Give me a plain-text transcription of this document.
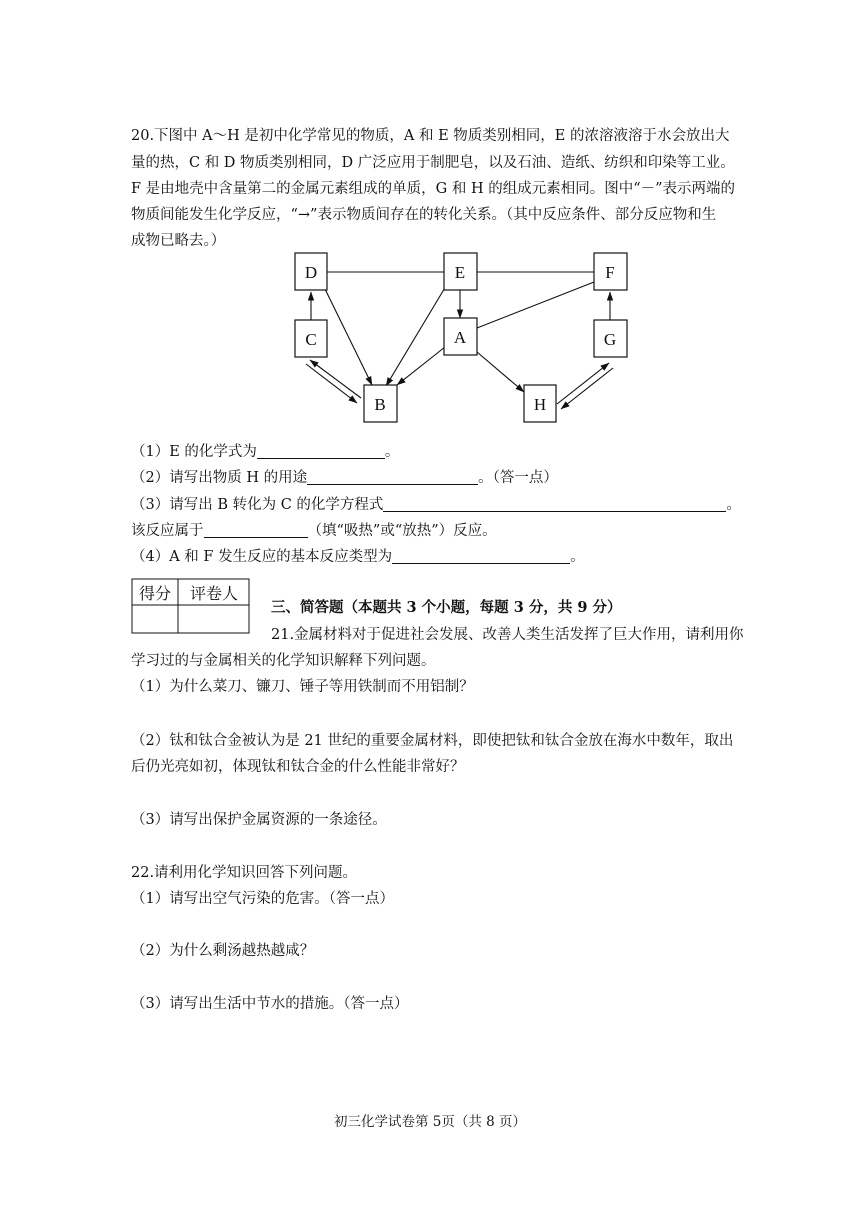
20.下图中 A～H 是初中化学常见的物质，A 和 E 物质类别相同，E 的浓溶液溶于水会放出大
量的热，C 和 D 物质类别相同，D 广泛应用于制肥皂，以及石油、造纸、纺织和印染等工业。
F 是由地壳中含量第二的金属元素组成的单质，G 和 H 的组成元素相同。图中“－”表示两端的
物质间能发生化学反应，“→”表示物质间存在的转化关系。（其中反应条件、部分反应物和生
成物已略去。）
D	E	F
C	A	G
B	H
（1）E 的化学式为	。
（2）请写出物质 H 的用途	。（答一点）
（3）请写出 B 转化为 C 的化学方程式	。
该反应属于	（填“吸热”或“放热”）反应。
（4）A 和 F 发生反应的基本反应类型为	。
得分 评卷人
三、简答题（本题共 3 个小题，每题 3 分，共 9 分）
21.金属材料对于促进社会发展、改善人类生活发挥了巨大作用，请利用你
学习过的与金属相关的化学知识解释下列问题。
（1）为什么菜刀、镰刀、锤子等用铁制而不用铝制？
（2）钛和钛合金被认为是 21 世纪的重要金属材料，即使把钛和钛合金放在海水中数年，取出
后仍光亮如初，体现钛和钛合金的什么性能非常好？
（3）请写出保护金属资源的一条途径。
22.请利用化学知识回答下列问题。
（1）请写出空气污染的危害。（答一点）
（2）为什么剩汤越热越咸？
（3）请写出生活中节水的措施。（答一点）
初三化学试卷第 5页（共 8 页）
